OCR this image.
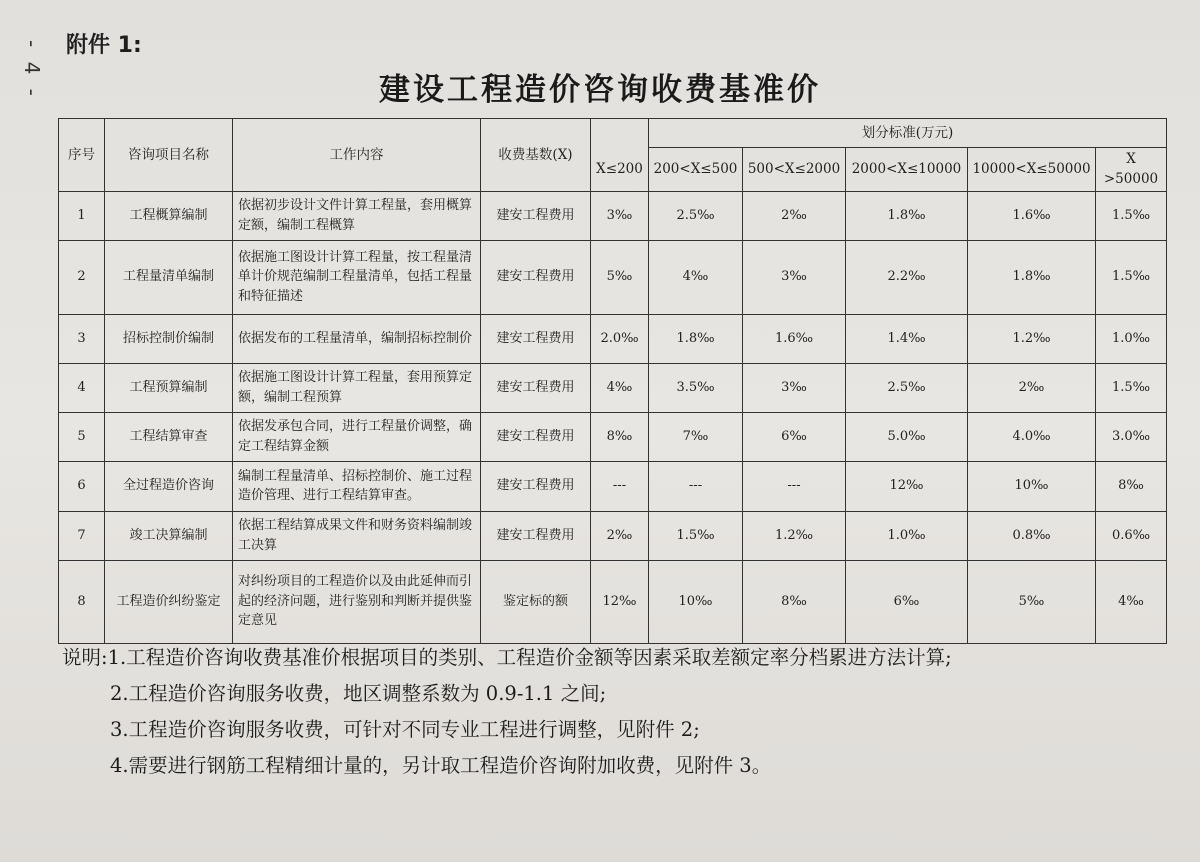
附件 1:
- 4 -	建设工程造价咨询收费基准价
序号	咨询项目名称	工作内容	收费基数(X)		划分标准(万元)				
				X≤200	200<X≤500	500<X≤2000	2000<X≤10000	10000<X≤50000	X >50000
1	工程概算编制	依据初步设计文件计算工程量，套用概算定额，编制工程概算	建安工程费用	3‰	2.5‰	2‰	1.8‰	1.6‰	1.5‰
2	工程量清单编制	依据施工图设计计算工程量，按工程量清单计价规范编制工程量清单，包括工程量和特征描述	建安工程费用	5‰	4‰	3‰	2.2‰	1.8‰	1.5‰
3	招标控制价编制	依据发布的工程量清单，编制招标控制价	建安工程费用	2.0‰	1.8‰	1.6‰	1.4‰	1.2‰	1.0‰
4	工程预算编制	依据施工图设计计算工程量，套用预算定额，编制工程预算	建安工程费用	4‰	3.5‰	3‰	2.5‰	2‰	1.5‰
5	工程结算审查	依据发承包合同，进行工程量价调整，确定工程结算金额	建安工程费用	8‰	7‰	6‰	5.0‰	4.0‰	3.0‰
6	全过程造价咨询	编制工程量清单、招标控制价、施工过程造价管理、进行工程结算审查。	建安工程费用	---	---	---	12‰	10‰	8‰
7	竣工决算编制	依据工程结算成果文件和财务资料编制竣工决算	建安工程费用	2‰	1.5‰	1.2‰	1.0‰	0.8‰	0.6‰
8	工程造价纠纷鉴定	对纠纷项目的工程造价以及由此延伸而引起的经济问题，进行鉴别和判断并提供鉴定意见	鉴定标的额	12‰	10‰	8‰	6‰	5‰	4‰
说明:1.工程造价咨询收费基准价根据项目的类别、工程造价金额等因素采取差额定率分档累进方法计算;
2.工程造价咨询服务收费，地区调整系数为 0.9-1.1 之间;
3.工程造价咨询服务收费，可针对不同专业工程进行调整，见附件 2;
4.需要进行钢筋工程精细计量的，另计取工程造价咨询附加收费，见附件 3。
